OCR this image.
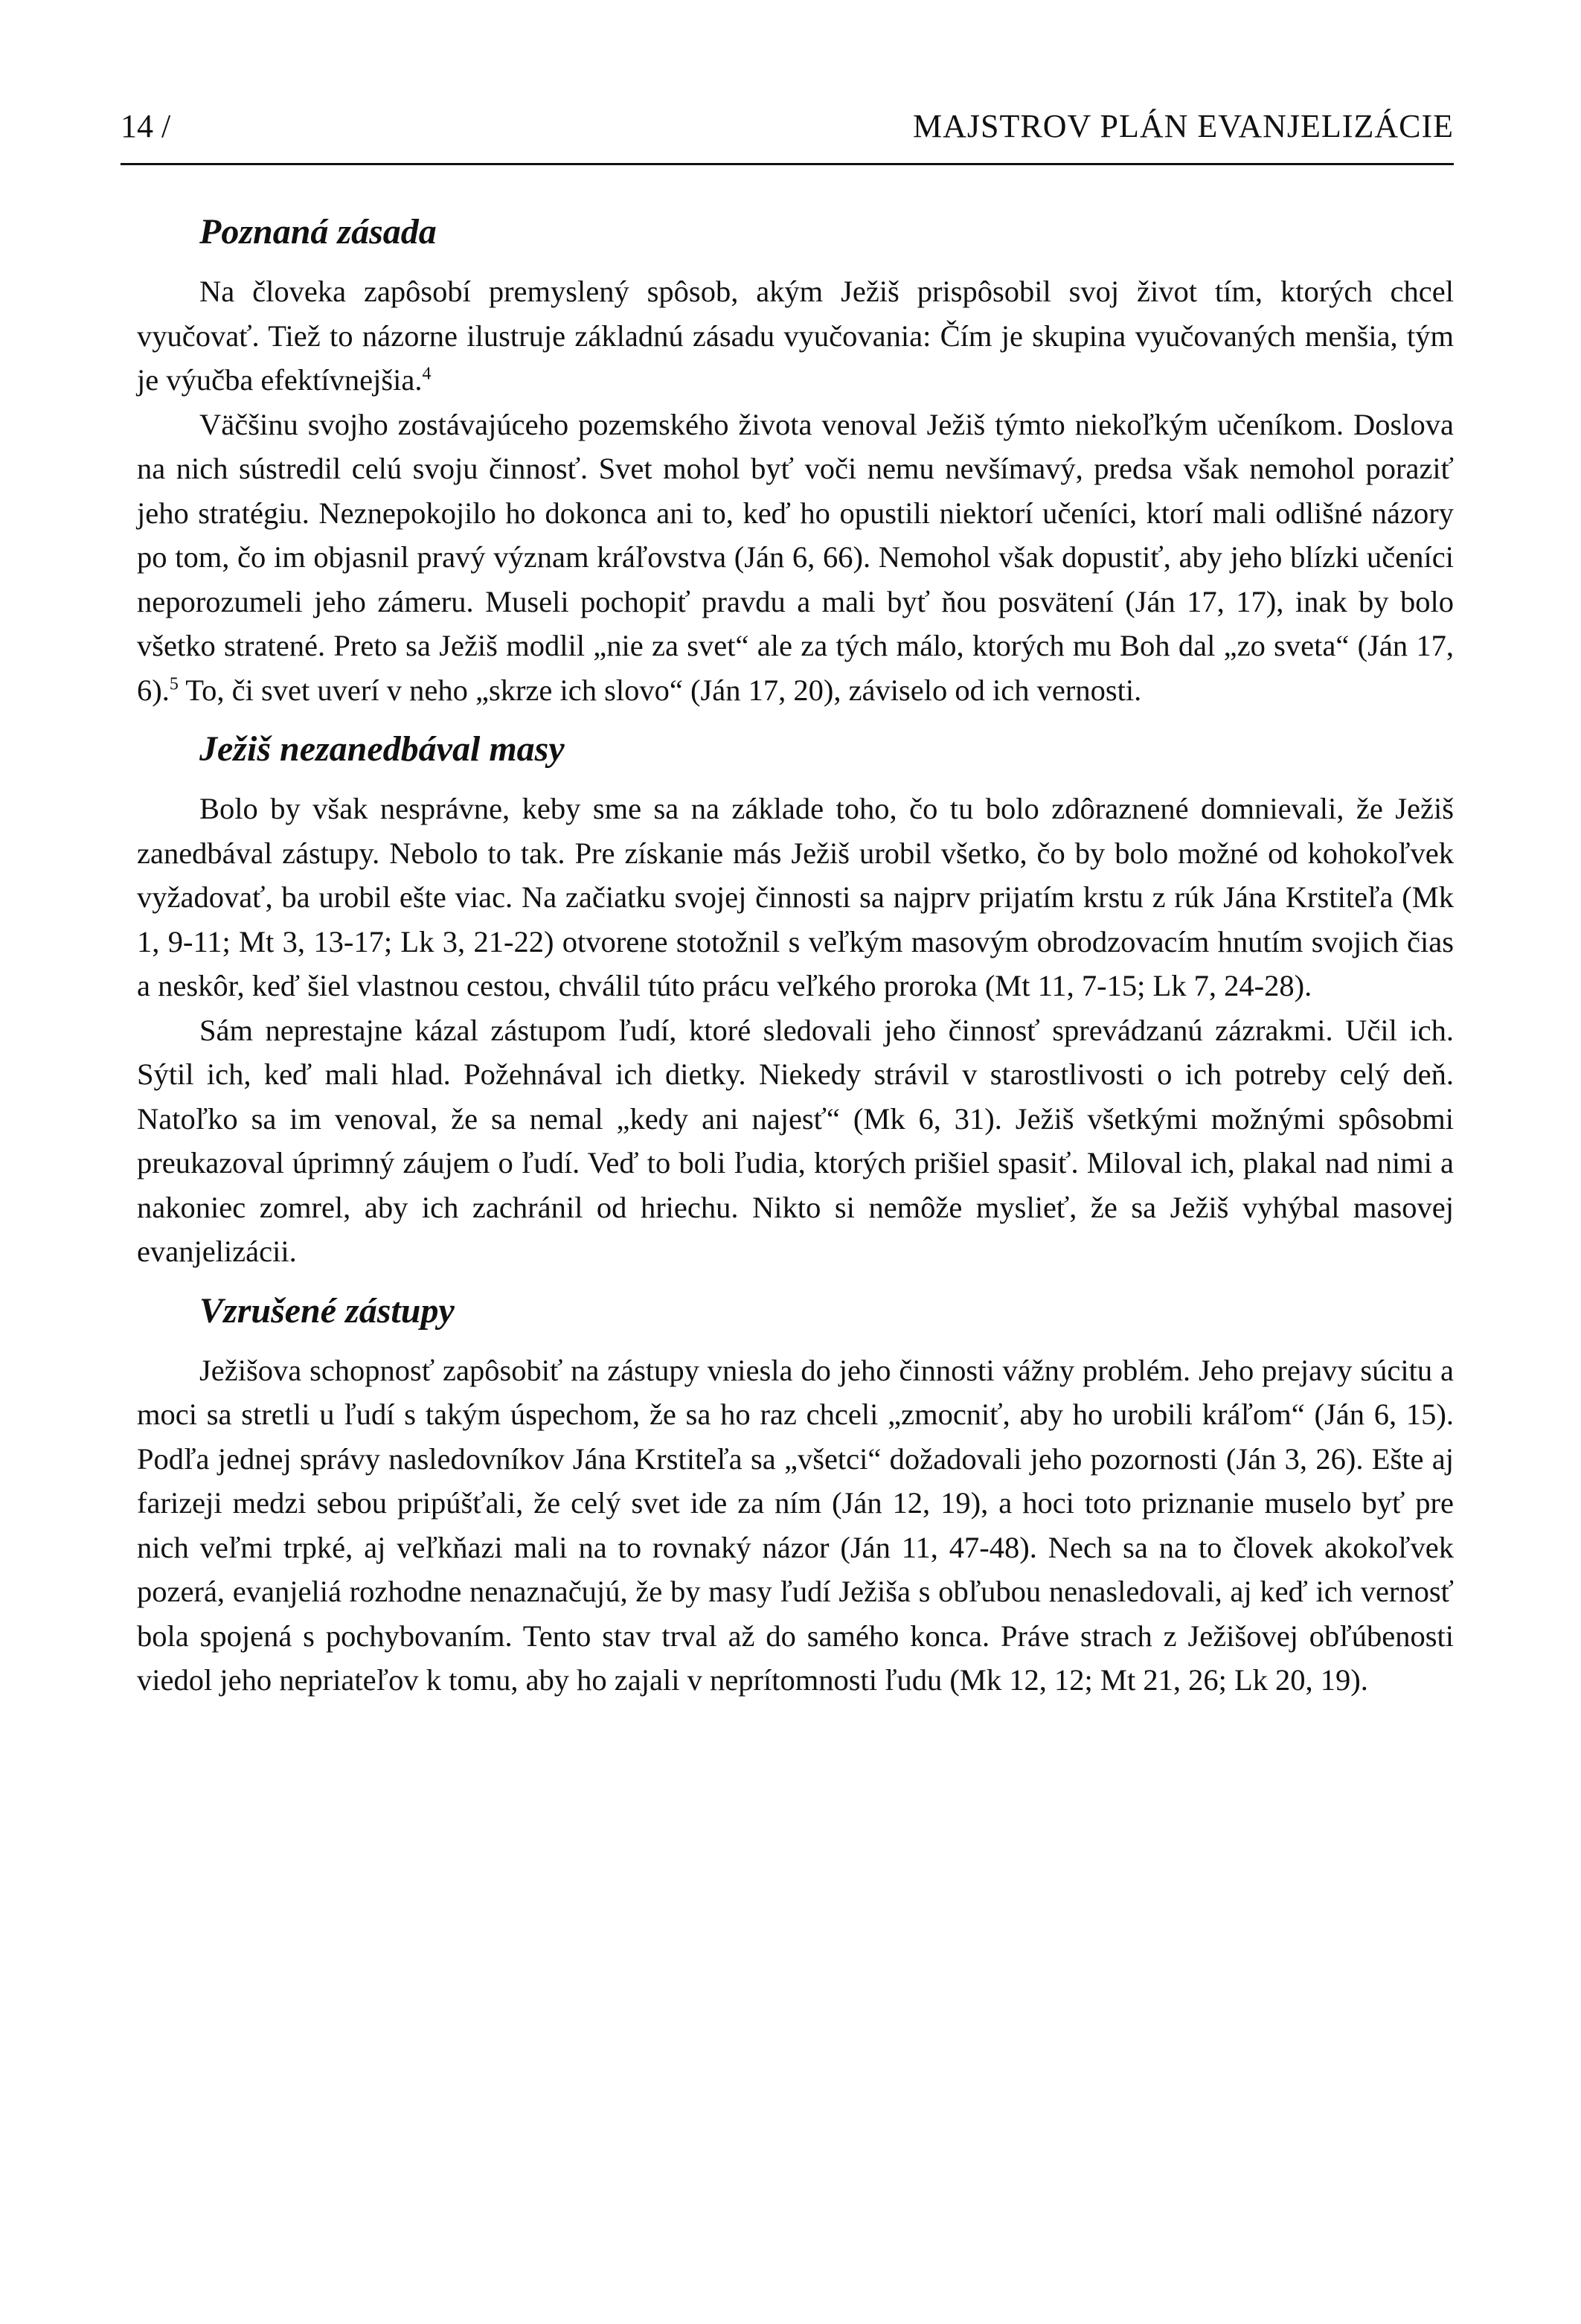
14 /	MAJSTROV PLÁN EVANJELIZÁCIE
Poznaná zásada

Na človeka zapôsobí premyslený spôsob, akým Ježiš prispôsobil svoj život tím, ktorých chcel vyučovať. Tiež to názorne ilustruje základnú zásadu vyučovania: Čím je skupina vyučovaných menšia, tým je výučba efektívnejšia.$^4$

Väčšinu svojho zostávajúceho pozemského života venoval Ježiš týmto niekoľkým učeníkom. Doslova na nich sústredil celú svoju činnosť. Svet mohol byť voči nemu nevšímavý, predsa však nemohol poraziť jeho stratégiu. Neznepokojilo ho dokonca ani to, keď ho opustili niektorí učeníci, ktorí mali odlišné názory po tom, čo im objasnil pravý význam kráľovstva (Ján 6, 66). Nemohol však dopustiť, aby jeho blízki učeníci neporozumeli jeho zámeru. Museli pochopiť pravdu a mali byť ňou posvätení (Ján 17, 17), inak by bolo všetko stratené. Preto sa Ježiš modlil „nie za svet“ ale za tých málo, ktorých mu Boh dal „zo sveta“ (Ján 17, 6).$^5$ To, či svet uverí v neho „skrze ich slovo“ (Ján 17, 20), záviselo od ich vernosti.

Ježiš nezanedbával masy

Bolo by však nesprávne, keby sme sa na základe toho, čo tu bolo zdôraznené domnievali, že Ježiš zanedbával zástupy. Nebolo to tak. Pre získanie más Ježiš urobil všetko, čo by bolo možné od kohokoľvek vyžadovať, ba urobil ešte viac. Na začiatku svojej činnosti sa najprv prijatím krstu z rúk Jána Krstiteľa (Mk 1, 9-11; Mt 3, 13-17; Lk 3, 21-22) otvorene stotožnil s veľkým masovým obrodzovacím hnutím svojich čias a neskôr, keď šiel vlastnou cestou, chválil túto prácu veľkého proroka (Mt 11, 7-15; Lk 7, 24-28).

Sám neprestajne kázal zástupom ľudí, ktoré sledovali jeho činnosť sprevádzanú zázrakmi. Učil ich. Sýtil ich, keď mali hlad. Požehnával ich dietky. Niekedy strávil v starostlivosti o ich potreby celý deň. Natoľko sa im venoval, že sa nemal „kedy ani najesť“ (Mk 6, 31). Ježiš všetkými možnými spôsobmi preukazoval úprimný záujem o ľudí. Veď to boli ľudia, ktorých prišiel spasiť. Miloval ich, plakal nad nimi a nakoniec zomrel, aby ich zachránil od hriechu. Nikto si nemôže myslieť, že sa Ježiš vyhýbal masovej evanjelizácii.

Vzrušené zástupy

Ježišova schopnosť zapôsobiť na zástupy vniesla do jeho činnosti vážny problém. Jeho prejavy súcitu a moci sa stretli u ľudí s takým úspechom, že sa ho raz chceli „zmocniť, aby ho urobili kráľom“ (Ján 6, 15). Podľa jednej správy nasledovníkov Jána Krstiteľa sa „všetci“ dožadovali jeho pozornosti (Ján 3, 26). Ešte aj farizeji medzi sebou pripúšťali, že celý svet ide za ním (Ján 12, 19), a hoci toto priznanie muselo byť pre nich veľmi trpké, aj veľkňazi mali na to rovnaký názor (Ján 11, 47-48). Nech sa na to človek akokoľvek pozerá, evanjeliá rozhodne nenaznačujú, že by masy ľudí Ježiša s obľubou nenasledovali, aj keď ich vernosť bola spojená s pochybovaním. Tento stav trval až do samého konca. Práve strach z Ježišovej obľúbenosti viedol jeho nepriateľov k tomu, aby ho zajali v neprítomnosti ľudu (Mk 12, 12; Mt 21, 26; Lk 20, 19).
